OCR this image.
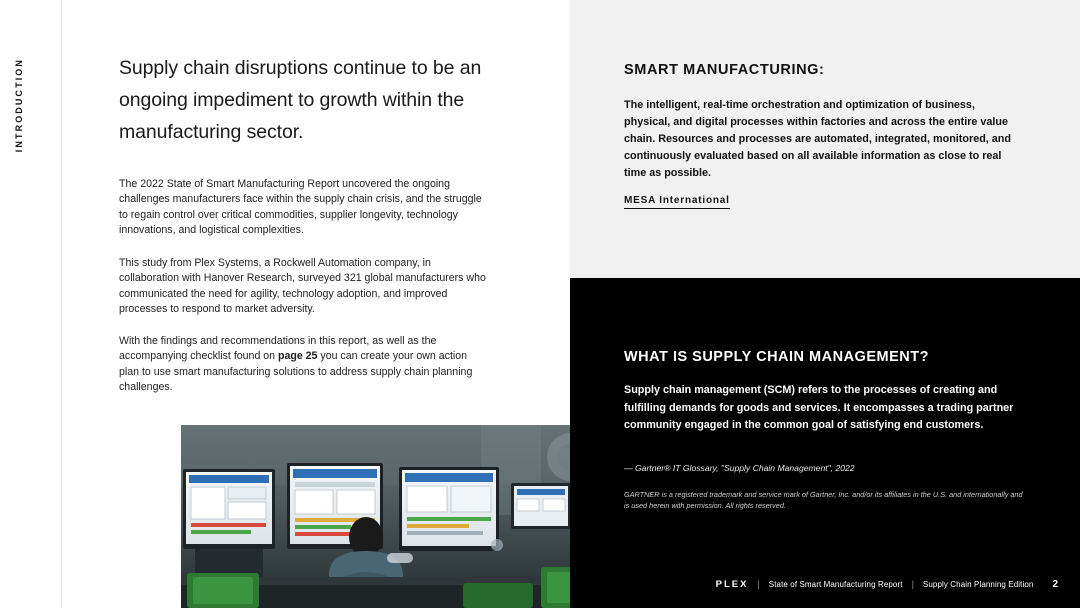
INTRODUCTION	Supply chain disruptions continue to be an ongoing impediment to growth within the manufacturing sector.
The 2022 State of Smart Manufacturing Report uncovered the ongoing challenges manufacturers face within the supply chain crisis, and the struggle to regain control over critical commodities, supplier longevity, technology innovations, and logistical complexities.
This study from Plex Systems, a Rockwell Automation company, in collaboration with Hanover Research, surveyed 321 global manufacturers who communicated the need for agility, technology adoption, and improved processes to respond to market adversity.
With the findings and recommendations in this report, as well as the accompanying checklist found on page 25 you can create your own action plan to use smart manufacturing solutions to address supply chain planning challenges.
SMART MANUFACTURING:
The intelligent, real-time orchestration and optimization of business, physical, and digital processes within factories and across the entire value chain. Resources and processes are automated, integrated, monitored, and continuously evaluated based on all available information as close to real time as possible.
MESA International
WHAT IS SUPPLY CHAIN MANAGEMENT?
Supply chain management (SCM) refers to the processes of creating and fulfilling demands for goods and services. It encompasses a trading partner community engaged in the common goal of satisfying end customers.
— Gartner® IT Glossary, "Supply Chain Management", 2022
GARTNER is a registered trademark and service mark of Gartner, Inc. and/or its affiliates in the U.S. and internationally and is used herein with permission. All rights reserved.
PLEX | State of Smart Manufacturing Report | Supply Chain Planning Edition 2
